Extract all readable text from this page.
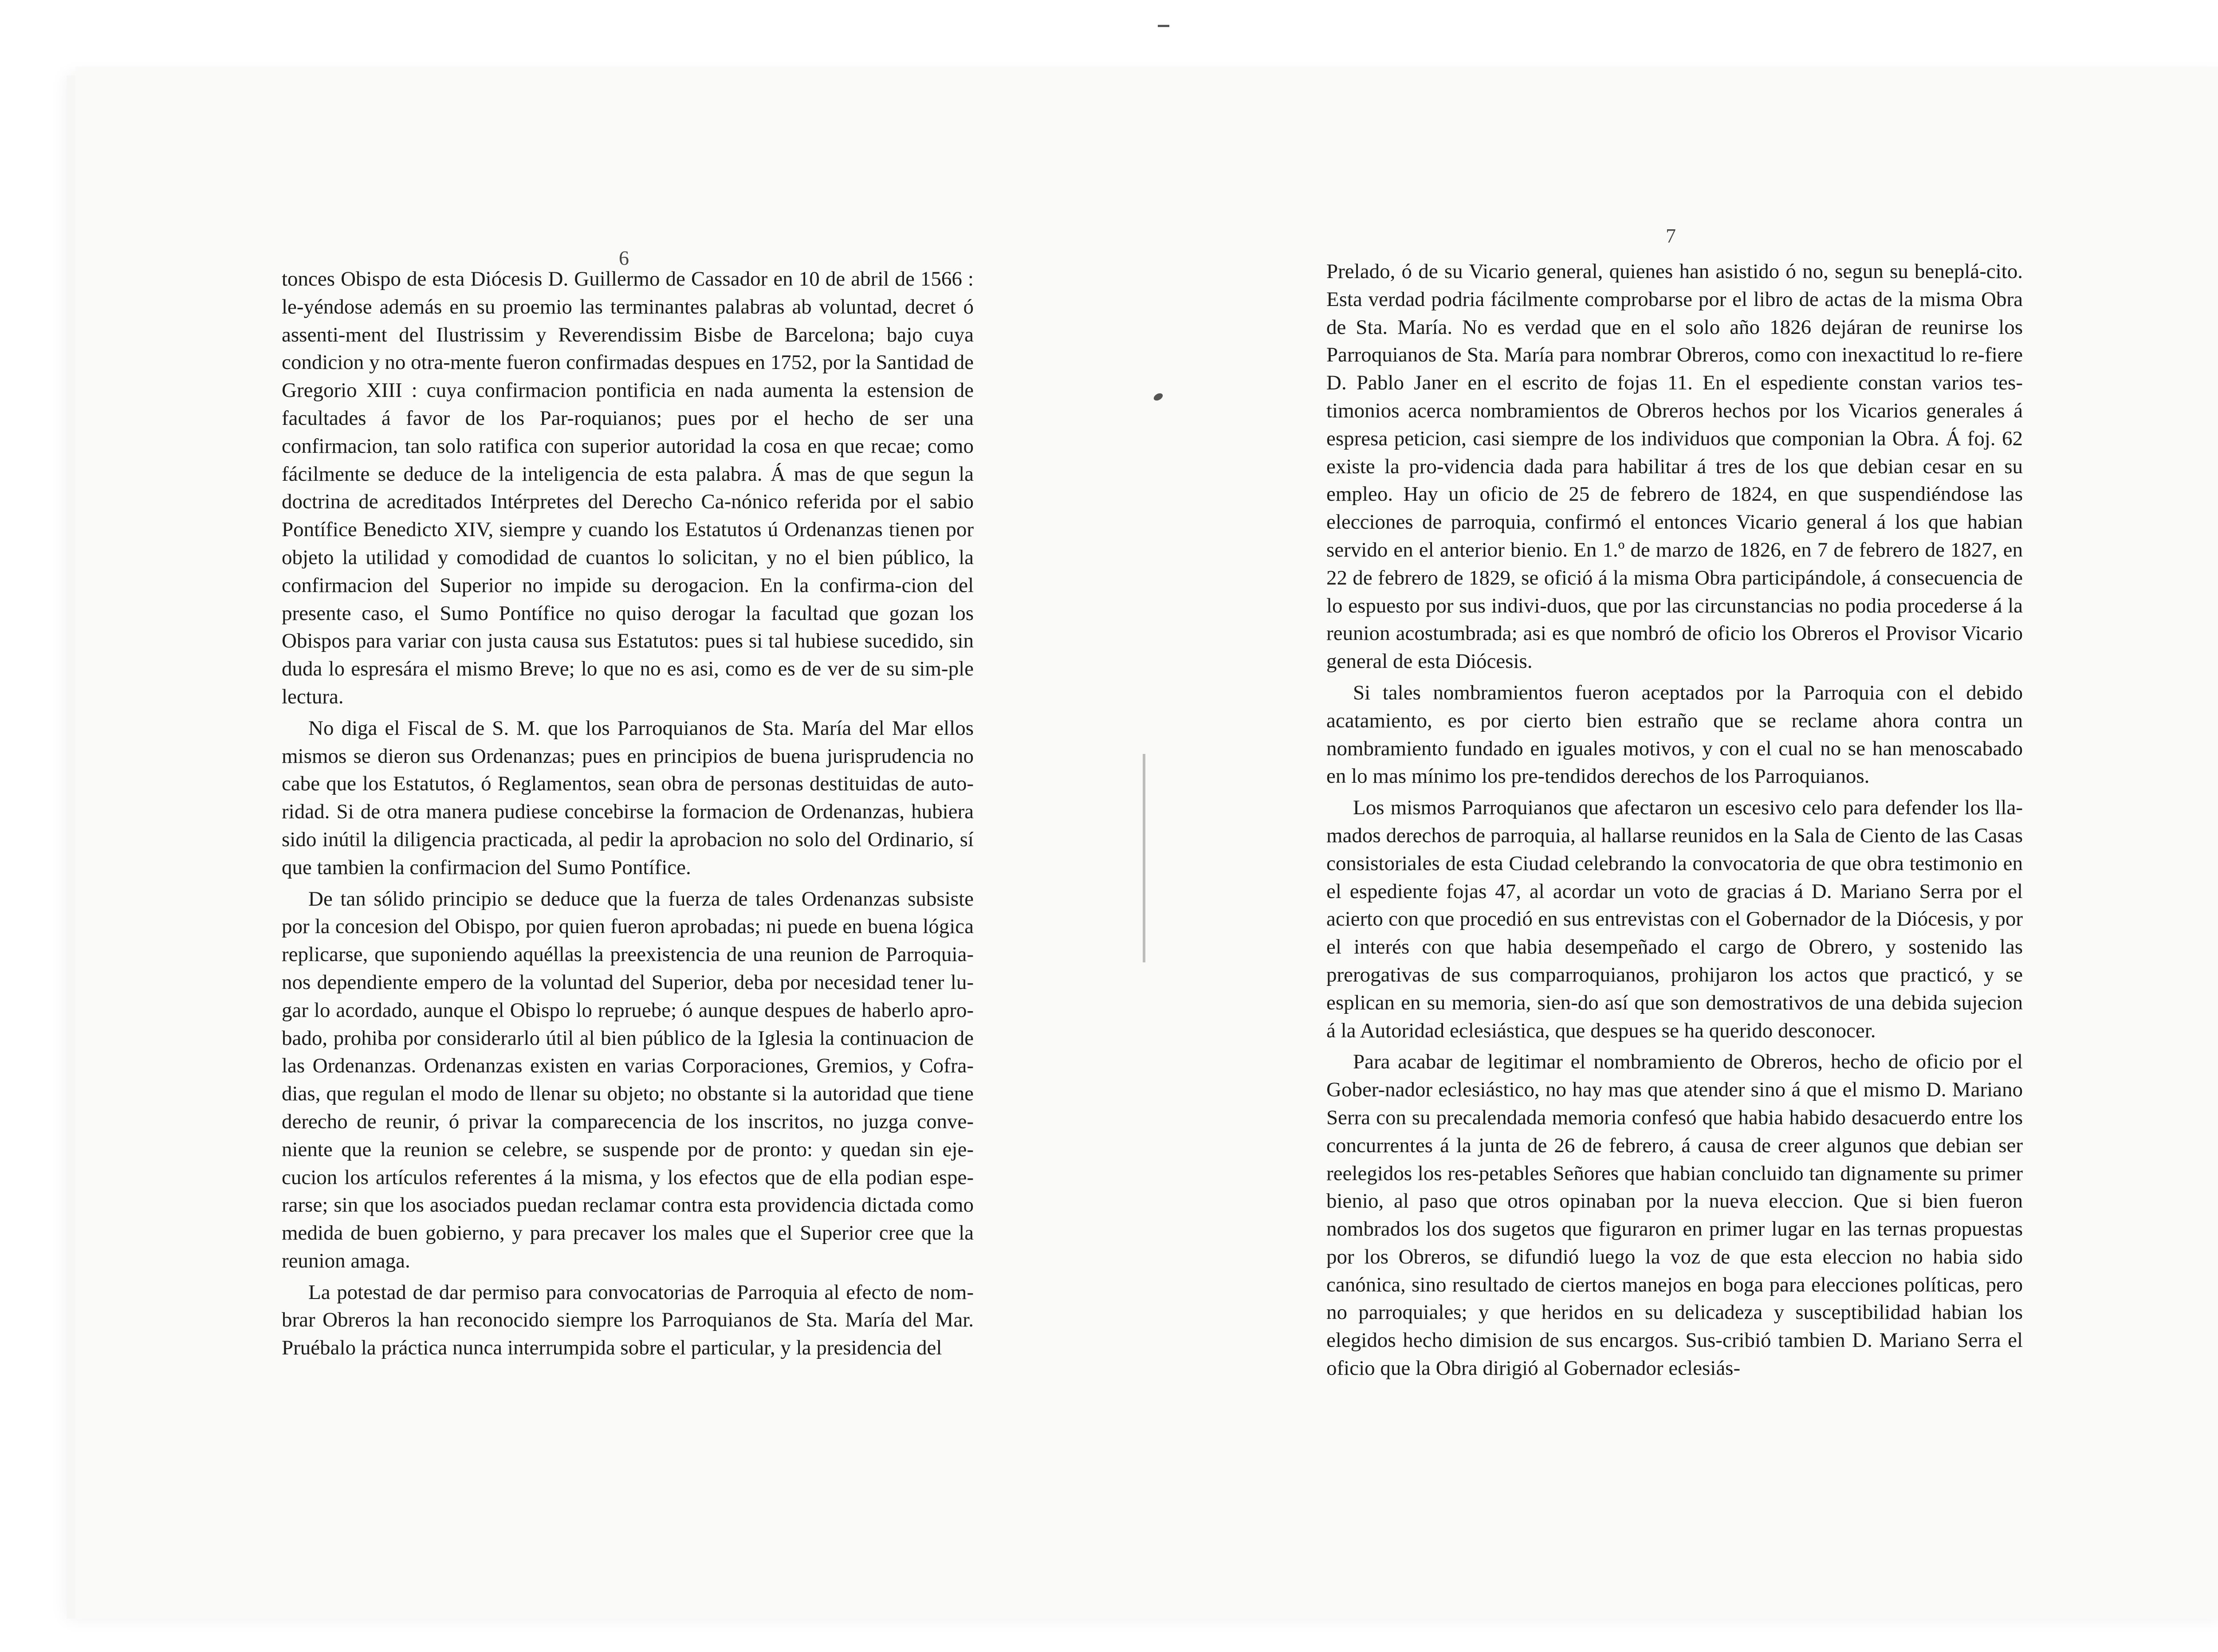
6
7

tonces Obispo de esta Diócesis D. Guillermo de Cassador en 10 de abril de 1566 : le-yéndose además en su proemio las terminantes palabras ab voluntad, decret ó assenti-ment del Ilustrissim y Reverendissim Bisbe de Barcelona; bajo cuya condicion y no otra-mente fueron confirmadas despues en 1752, por la Santidad de Gregorio XIII : cuya confirmacion pontificia en nada aumenta la estension de facultades á favor de los Par-roquianos; pues por el hecho de ser una confirmacion, tan solo ratifica con superior autoridad la cosa en que recae; como fácilmente se deduce de la inteligencia de esta palabra. Á mas de que segun la doctrina de acreditados Intérpretes del Derecho Ca-nónico referida por el sabio Pontífice Benedicto XIV, siempre y cuando los Estatutos ú Ordenanzas tienen por objeto la utilidad y comodidad de cuantos lo solicitan, y no el bien público, la confirmacion del Superior no impide su derogacion. En la confirma-cion del presente caso, el Sumo Pontífice no quiso derogar la facultad que gozan los Obispos para variar con justa causa sus Estatutos: pues si tal hubiese sucedido, sin duda lo espresára el mismo Breve; lo que no es asi, como es de ver de su sim-ple lectura.

No diga el Fiscal de S. M. que los Parroquianos de Sta. María del Mar ellos mismos se dieron sus Ordenanzas; pues en principios de buena jurisprudencia no cabe que los Estatutos, ó Reglamentos, sean obra de personas destituidas de auto-ridad. Si de otra manera pudiese concebirse la formacion de Ordenanzas, hubiera sido inútil la diligencia practicada, al pedir la aprobacion no solo del Ordinario, sí que tambien la confirmacion del Sumo Pontífice.

De tan sólido principio se deduce que la fuerza de tales Ordenanzas subsiste por la concesion del Obispo, por quien fueron aprobadas; ni puede en buena lógica replicarse, que suponiendo aquéllas la preexistencia de una reunion de Parroquia-nos dependiente empero de la voluntad del Superior, deba por necesidad tener lu-gar lo acordado, aunque el Obispo lo repruebe; ó aunque despues de haberlo apro-bado, prohiba por considerarlo útil al bien público de la Iglesia la continuacion de las Ordenanzas. Ordenanzas existen en varias Corporaciones, Gremios, y Cofra-dias, que regulan el modo de llenar su objeto; no obstante si la autoridad que tiene derecho de reunir, ó privar la comparecencia de los inscritos, no juzga conve-niente que la reunion se celebre, se suspende por de pronto: y quedan sin eje-cucion los artículos referentes á la misma, y los efectos que de ella podian espe-rarse; sin que los asociados puedan reclamar contra esta providencia dictada como medida de buen gobierno, y para precaver los males que el Superior cree que la reunion amaga.

La potestad de dar permiso para convocatorias de Parroquia al efecto de nom-brar Obreros la han reconocido siempre los Parroquianos de Sta. María del Mar. Pruébalo la práctica nunca interrumpida sobre el particular, y la presidencia del

Prelado, ó de su Vicario general, quienes han asistido ó no, segun su beneplá-cito. Esta verdad podria fácilmente comprobarse por el libro de actas de la misma Obra de Sta. María. No es verdad que en el solo año 1826 dejáran de reunirse los Parroquianos de Sta. María para nombrar Obreros, como con inexactitud lo re-fiere D. Pablo Janer en el escrito de fojas 11. En el espediente constan varios tes-timonios acerca nombramientos de Obreros hechos por los Vicarios generales á espresa peticion, casi siempre de los individuos que componian la Obra. Á foj. 62 existe la pro-videncia dada para habilitar á tres de los que debian cesar en su empleo. Hay un oficio de 25 de febrero de 1824, en que suspendiéndose las elecciones de parroquia, confirmó el entonces Vicario general á los que habian servido en el anterior bienio. En 1.º de marzo de 1826, en 7 de febrero de 1827, en 22 de febrero de 1829, se ofició á la misma Obra participándole, á consecuencia de lo espuesto por sus indivi-duos, que por las circunstancias no podia procederse á la reunion acostumbrada; asi es que nombró de oficio los Obreros el Provisor Vicario general de esta Diócesis.

Si tales nombramientos fueron aceptados por la Parroquia con el debido acatamiento, es por cierto bien estraño que se reclame ahora contra un nombramiento fundado en iguales motivos, y con el cual no se han menoscabado en lo mas mínimo los pre-tendidos derechos de los Parroquianos.

Los mismos Parroquianos que afectaron un escesivo celo para defender los lla-mados derechos de parroquia, al hallarse reunidos en la Sala de Ciento de las Casas consistoriales de esta Ciudad celebrando la convocatoria de que obra testimonio en el espediente fojas 47, al acordar un voto de gracias á D. Mariano Serra por el acierto con que procedió en sus entrevistas con el Gobernador de la Diócesis, y por el interés con que habia desempeñado el cargo de Obrero, y sostenido las prerogativas de sus comparroquianos, prohijaron los actos que practicó, y se esplican en su memoria, sien-do así que son demostrativos de una debida sujecion á la Autoridad eclesiástica, que despues se ha querido desconocer.

Para acabar de legitimar el nombramiento de Obreros, hecho de oficio por el Gober-nador eclesiástico, no hay mas que atender sino á que el mismo D. Mariano Serra con su precalendada memoria confesó que habia habido desacuerdo entre los concurrentes á la junta de 26 de febrero, á causa de creer algunos que debian ser reelegidos los res-petables Señores que habian concluido tan dignamente su primer bienio, al paso que otros opinaban por la nueva eleccion. Que si bien fueron nombrados los dos sugetos que figuraron en primer lugar en las ternas propuestas por los Obreros, se difundió luego la voz de que esta eleccion no habia sido canónica, sino resultado de ciertos manejos en boga para elecciones políticas, pero no parroquiales; y que heridos en su delicadeza y susceptibilidad habian los elegidos hecho dimision de sus encargos. Sus-cribió tambien D. Mariano Serra el oficio que la Obra dirigió al Gobernador eclesiás-
